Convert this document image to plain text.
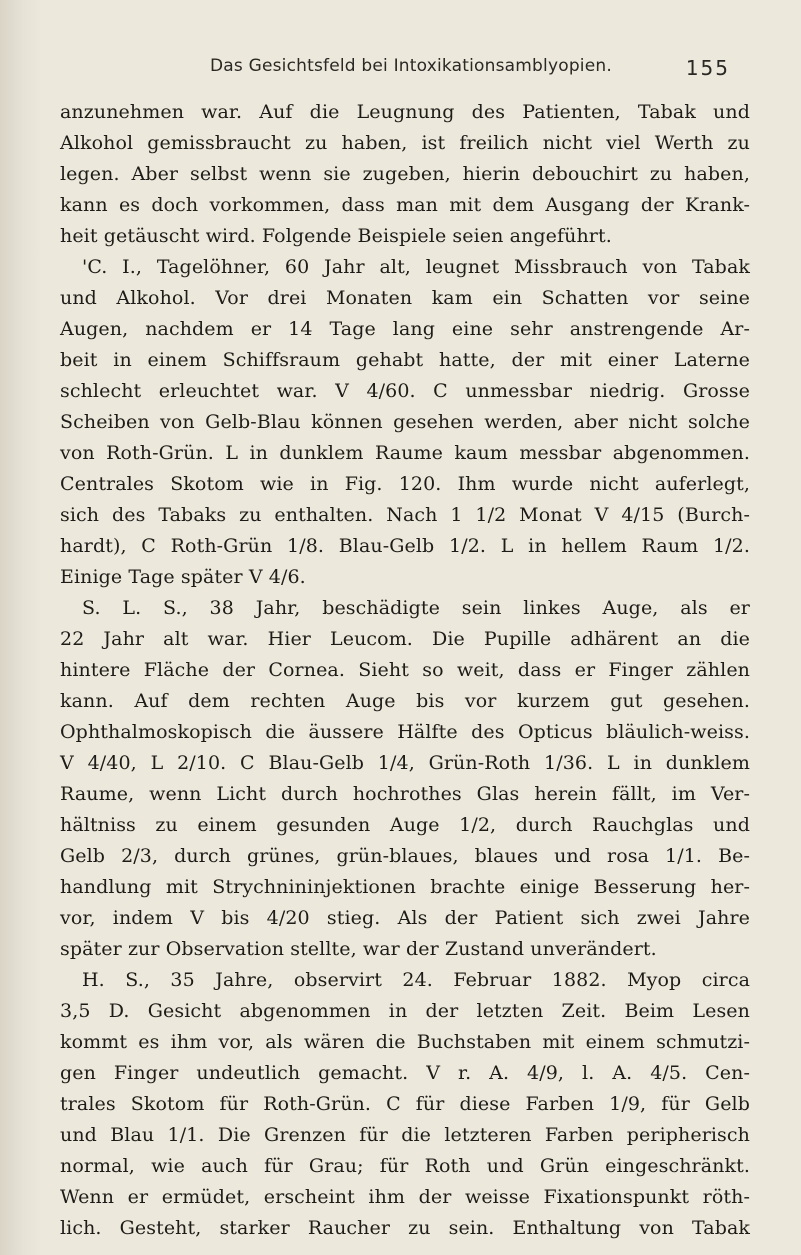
Das Gesichtsfeld bei Intoxikationsamblyopien.	155
anzunehmen war. Auf die Leugnung des Patienten, Tabak und
Alkohol gemissbraucht zu haben, ist freilich nicht viel Werth zu
legen. Aber selbst wenn sie zugeben, hierin debouchirt zu haben,
kann es doch vorkommen, dass man mit dem Ausgang der Krank-
heit getäuscht wird. Folgende Beispiele seien angeführt.
'C. I., Tagelöhner, 60 Jahr alt, leugnet Missbrauch von Tabak
und Alkohol. Vor drei Monaten kam ein Schatten vor seine
Augen, nachdem er 14 Tage lang eine sehr anstrengende Ar-
beit in einem Schiffsraum gehabt hatte, der mit einer Laterne
schlecht erleuchtet war. V 4/60. C unmessbar niedrig. Grosse
Scheiben von Gelb-Blau können gesehen werden, aber nicht solche
von Roth-Grün. L in dunklem Raume kaum messbar abgenommen.
Centrales Skotom wie in Fig. 120. Ihm wurde nicht auferlegt,
sich des Tabaks zu enthalten. Nach 1 1/2 Monat V 4/15 (Burch-
hardt), C Roth-Grün 1/8. Blau-Gelb 1/2. L in hellem Raum 1/2.
Einige Tage später V 4/6.
S. L. S., 38 Jahr, beschädigte sein linkes Auge, als er
22 Jahr alt war. Hier Leucom. Die Pupille adhärent an die
hintere Fläche der Cornea. Sieht so weit, dass er Finger zählen
kann. Auf dem rechten Auge bis vor kurzem gut gesehen.
Ophthalmoskopisch die äussere Hälfte des Opticus bläulich-weiss.
V 4/40, L 2/10. C Blau-Gelb 1/4, Grün-Roth 1/36. L in dunklem
Raume, wenn Licht durch hochrothes Glas herein fällt, im Ver-
hältniss zu einem gesunden Auge 1/2, durch Rauchglas und
Gelb 2/3, durch grünes, grün-blaues, blaues und rosa 1/1. Be-
handlung mit Strychnininjektionen brachte einige Besserung her-
vor, indem V bis 4/20 stieg. Als der Patient sich zwei Jahre
später zur Observation stellte, war der Zustand unverändert.
H. S., 35 Jahre, observirt 24. Februar 1882. Myop circa
3,5 D. Gesicht abgenommen in der letzten Zeit. Beim Lesen
kommt es ihm vor, als wären die Buchstaben mit einem schmutzi-
gen Finger undeutlich gemacht. V r. A. 4/9, l. A. 4/5. Cen-
trales Skotom für Roth-Grün. C für diese Farben 1/9, für Gelb
und Blau 1/1. Die Grenzen für die letzteren Farben peripherisch
normal, wie auch für Grau; für Roth und Grün eingeschränkt.
Wenn er ermüdet, erscheint ihm der weisse Fixationspunkt röth-
lich. Gesteht, starker Raucher zu sein. Enthaltung von Tabak
